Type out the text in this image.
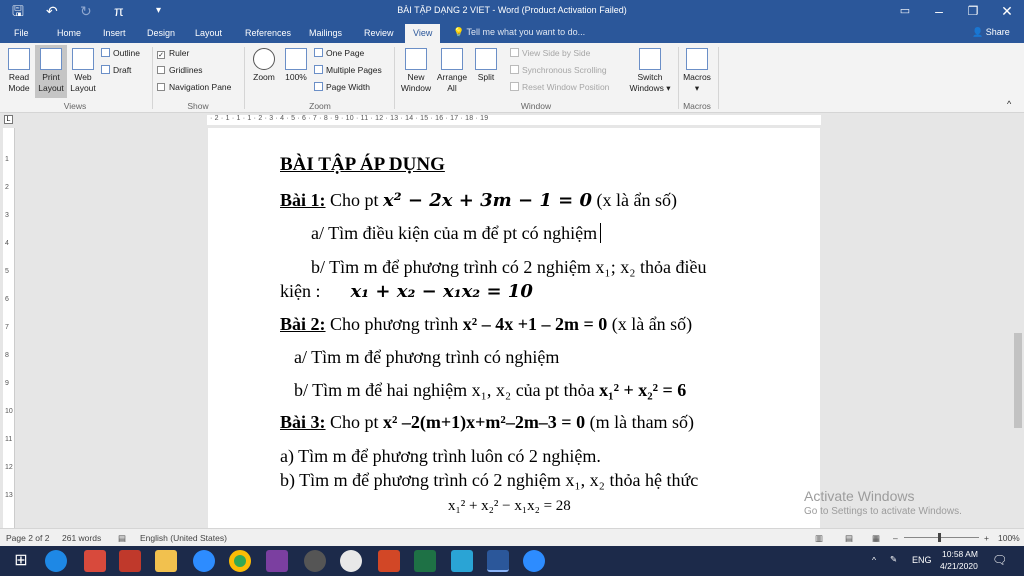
🖫 ↶ ↻ π	▾	BÀI TẬP DẠNG 2 VIET - Word (Product Activation Failed)	▭	–	❐	✕
File	Home Insert Design Layout	References Mailings Review	View	💡 Tell me what you want to do...	👤 Share
Read Mode
Print Layout
Web Layout
Outline
Draft
Views
✓ Ruler
Gridlines
Navigation Pane
Show
Zoom	100%
One Page
Multiple Pages
Page Width
Zoom
New Window
Arrange All
Split
View Side by Side
Synchronous Scrolling
Reset Window Position
Switch Windows ▾
Window
Macros
▾
Macros	^
L	· 2 · 1 · 1 · 1 · 2 · 3 · 4 · 5 · 6 · 7 · 8 · 9 · 10 · 11 · 12 · 13 · 14 · 15 · 16 · 17 · 18 · 19
1
2
3
4
5
6
7
8
9
10
11
12
13
BÀI TẬP ÁP DỤNG
Bài 1: Cho pt x² − 2x + 3m − 1 = 0 (x là ẩn số)
a/ Tìm điều kiện của m để pt có nghiệm
b/ Tìm m để phương trình có 2 nghiệm x₁; x₂ thỏa điều
kiện : x₁ + x₂ − x₁x₂ = 10
Bài 2: Cho phương trình x² – 4x +1 – 2m = 0 (x là ẩn số)
a/ Tìm m để phương trình có nghiệm
b/ Tìm m để hai nghiệm x₁, x₂ của pt thỏa x₁² + x₂² = 6
Bài 3: Cho pt x² –2(m+1)x+m²–2m–3 = 0 (m là tham số)
a) Tìm m để phương trình luôn có 2 nghiệm.
b) Tìm m để phương trình có 2 nghiệm x₁, x₂ thỏa hệ thức
x₁² + x₂² − x₁x₂ = 28
Activate Windows
Go to Settings to activate Windows.
Page 2 of 2 261 words ▤ English (United States)	▥	▤ ▦ –	+ 100%
⊞	^ ✎ ENG
10:58 AM
4/21/2020 🗨
